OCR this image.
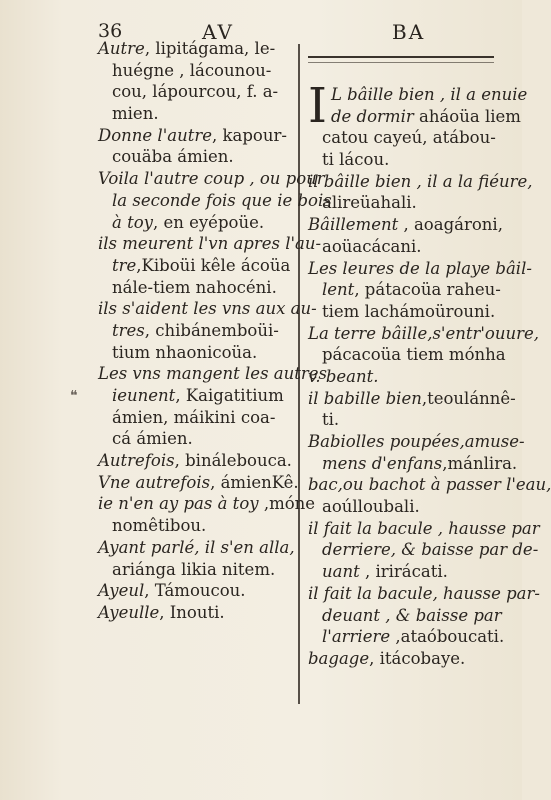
36	AV	BA
❝
Autre, lipitágama, le-
huégne , lácounou-
cou, lápourcou, f. a-
mien.
Donne l'autre, kapour-
couäba ámien.
Voila l'autre coup , ou pour
la seconde fois que ie bois
à toy, en eyépoüe.
ils meurent l'vn apres l'au-
tre,Kiboüi kêle ácoüa
nále-tiem nahocéni.
ils s'aident les vns aux au-
tres, chibánemboüi-
tium nhaonicoüa.
Les vns mangent les autres
ieunent, Kaigatitium
ámien, máikini coa-
cá ámien.
Autrefois, binálebouca.
Vne autrefois, ámienKê.
ie n'en ay pas à toy ,móne
nomêtibou.
Ayant parlé, il s'en alla,
ariánga likia nitem.
Ayeul, Támoucou.
Ayeulle, Inouti.
I L bâille bien , il a enuie
de dormir aháoüa liem
catou cayeú, atábou-
ti lácou.
il bâille bien , il a la fiéure,
alireüahali.
Bâillement , aoagároni,
aoüacácani.
Les leures de la playe bâil-
lent, pátacoüa raheu-
tiem lachámoürouni.
La terre bâille,s'entr'ouure,
pácacoüa tiem mónha
v. beant.
il babille bien,teoulánnê-
ti.
Babiolles poupées,amuse-
mens d'enfans,mánlira.
bac,ou bachot à passer l'eau,
aoúlloubali.
il fait la bacule , hausse par
derriere, & baisse par de-
uant , irirácati.
il fait la bacule, hausse par-
deuant , & baisse par
l'arriere ,ataóboucati.
bagage, itácobaye.
